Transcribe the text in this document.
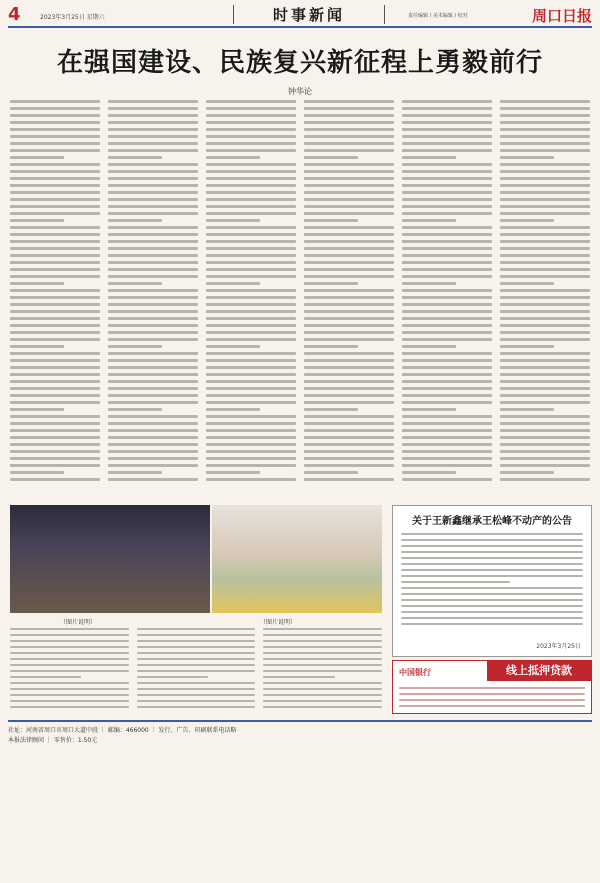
4	2023年3月25日 星期六	时事新闻	责任编辑 / 美术编辑 / 校对	周口日报
在强国建设、民族复兴新征程上勇毅前行
钟华论
（图片说明）	（图片说明）
关于王新鑫继承王松峰不动产的公告
2023年3月25日
中国银行	线上抵押贷款
社址：河南省周口市周口大道中段 ｜ 邮编：466000 ｜ 发行、广告、印刷联系电话略
本报法律顾问 ｜ 零售价：1.50元
